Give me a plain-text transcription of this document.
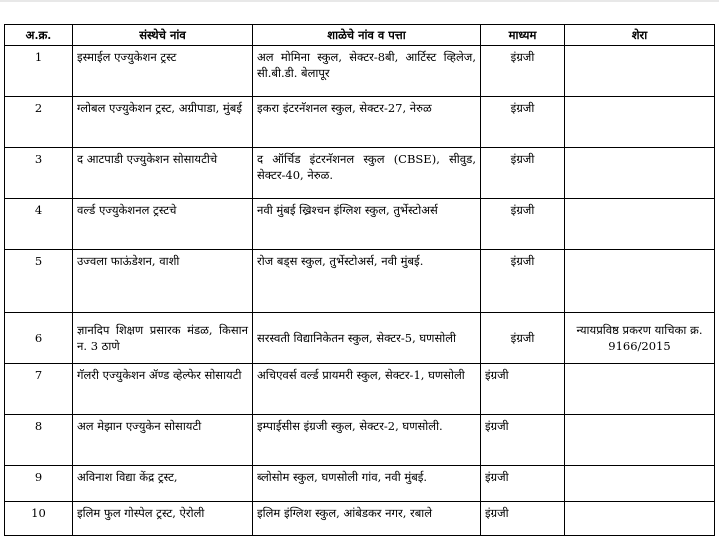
अ.क्र.	संस्थेचे नांव	शाळेचे नांव व पत्ता	माध्यम	शेरा
1	इस्माईल एज्युकेशन ट्रस्ट	अल मोमिना स्कुल, सेक्टर-8बी, आर्टिस्ट व्हिलेज, सी.बी.डी. बेलापूर	इंग्रजी	
2	ग्लोबल एज्युकेशन ट्रस्ट, अग्रीपाडा, मुंबई	इकरा इंटरनॅशनल स्कुल, सेक्टर-27, नेरुळ	इंग्रजी	
3	द आटपाडी एज्युकेशन सोसायटीचे	द ऑर्चिड इंटरनॅशनल स्कुल (CBSE), सीवुड, सेक्टर-40, नेरुळ.	इंग्रजी	
4	वर्ल्ड एज्युकेशनल ट्रस्टचे	नवी मुंबई ख्रिश्चन इंग्लिश स्कुल, तुर्भेस्टोअर्स	इंग्रजी	
5	उज्वला फाऊंडेशन, वाशी	रोज बड्स स्कुल, तुर्भेस्टोअर्स, नवी मुंबई.	इंग्रजी	
6	ज्ञानदिप शिक्षण प्रसारक मंडळ, किसान न. 3 ठाणे	सरस्वती विद्यानिकेतन स्कुल, सेक्टर-5, घणसोली	इंग्रजी	न्यायप्रविष्ठ प्रकरण याचिका क्र. 9166/2015
7	गॅलरी एज्युकेशन ॲण्ड व्हेल्फेर सोसायटी	अचिएवर्स वर्ल्ड प्रायमरी स्कुल, सेक्टर-1, घणसोली	इंग्रजी	
8	अल मेझान एज्युकेन सोसायटी	इम्पाईसीस इंग्रजी स्कुल, सेक्टर-2, घणसोली.	इंग्रजी	
9	अविनाश विद्या केंद्र ट्रस्ट,	ब्लोसोम स्कुल, घणसोली गांव, नवी मुंबई.	इंग्रजी	
10	इलिम फुल गोस्पेल ट्रस्ट, ऐरोली	इलिम इंग्लिश स्कुल, आंबेडकर नगर, रबाले	इंग्रजी	
